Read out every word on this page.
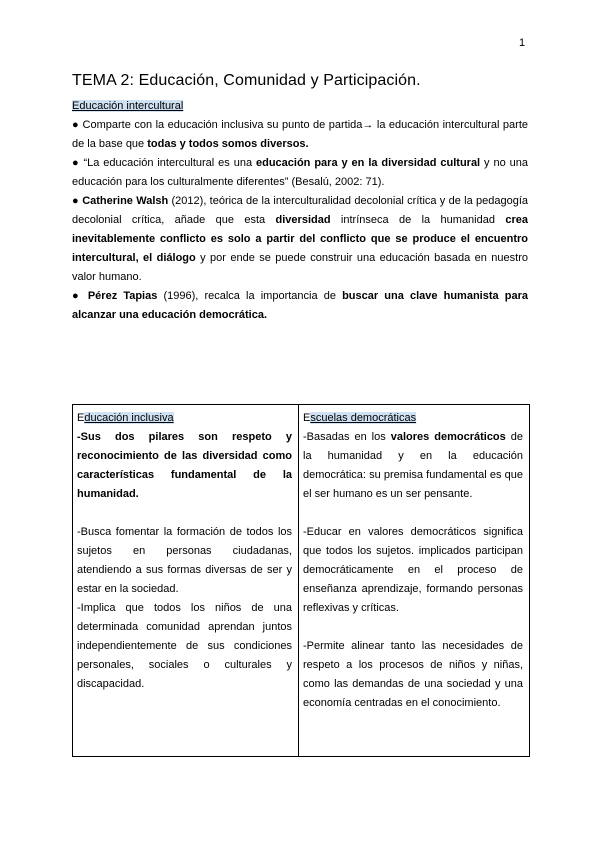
1
TEMA 2: Educación, Comunidad y Participación.
Educación intercultural

● Comparte con la educación inclusiva su punto de partida→ la educación intercultural parte de la base que todas y todos somos diversos.

● “La educación intercultural es una educación para y en la diversidad cultural y no una educación para los culturalmente diferentes” (Besalú, 2002: 71).

● Catherine Walsh (2012), teórica de la interculturalidad decolonial crítica y de la pedagogía decolonial crítica, añade que esta diversidad intrínseca de la humanidad crea inevitablemente conflicto es solo a partir del conflicto que se produce el encuentro intercultural, el diálogo y por ende se puede construir una educación basada en nuestro valor humano.

● Pérez Tapias (1996), recalca la importancia de buscar una clave humanista para alcanzar una educación democrática.

Educación inclusiva

-Sus dos pilares son respeto y reconocimiento de las diversidad como características fundamental de la humanidad.

-Busca fomentar la formación de todos los sujetos en personas ciudadanas, atendiendo a sus formas diversas de ser y estar en la sociedad.

-Implica que todos los niños de una determinada comunidad aprendan juntos independientemente de sus condiciones personales, sociales o culturales y discapacidad.

Escuelas democráticas

-Basadas en los valores democráticos de la humanidad y en la educación democrática: su premisa fundamental es que el ser humano es un ser pensante.

-Educar en valores democráticos significa que todos los sujetos. implicados participan democráticamente en el proceso de enseñanza aprendizaje, formando personas reflexivas y críticas.

-Permite alinear tanto las necesidades de respeto a los procesos de niños y niñas, como las demandas de una sociedad y una economía centradas en el conocimiento.
